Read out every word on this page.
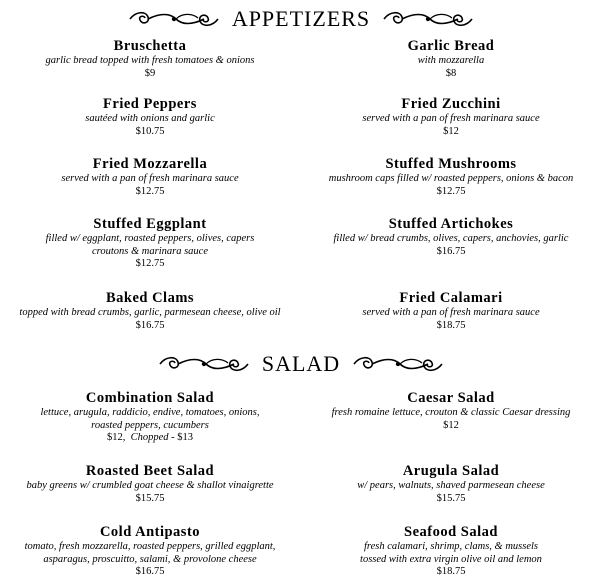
APPETIZERS
Bruschetta
garlic bread topped with fresh tomatoes & onions
$9
Garlic Bread
with mozzarella
$8
Fried Peppers
sautéed with onions and garlic
$10.75
Fried Zucchini
served with a pan of fresh marinara sauce
$12
Fried Mozzarella
served with a pan of fresh marinara sauce
$12.75
Stuffed Mushrooms
mushroom caps filled w/ roasted peppers, onions & bacon
$12.75
Stuffed Eggplant
filled w/ eggplant, roasted peppers, olives, capers
croutons & marinara sauce
$12.75
Stuffed Artichokes
filled w/ bread crumbs, olives, capers, anchovies, garlic
$16.75
Baked Clams
topped with bread crumbs, garlic, parmesean cheese, olive oil
$16.75
Fried Calamari
served with a pan of fresh marinara sauce
$18.75
SALAD
Combination Salad
lettuce, arugula, raddicio, endive, tomatoes, onions,
roasted peppers, cucumbers
$12, Chopped - $13
Caesar Salad
fresh romaine lettuce, crouton & classic Caesar dressing
$12
Roasted Beet Salad
baby greens w/ crumbled goat cheese & shallot vinaigrette
$15.75
Arugula Salad
w/ pears, walnuts, shaved parmesean cheese
$15.75
Cold Antipasto
tomato, fresh mozzarella, roasted peppers, grilled eggplant,
asparagus, proscuitto, salami, & provolone cheese
$16.75
Seafood Salad
fresh calamari, shrimp, clams, & mussels
tossed with extra virgin olive oil and lemon
$18.75
